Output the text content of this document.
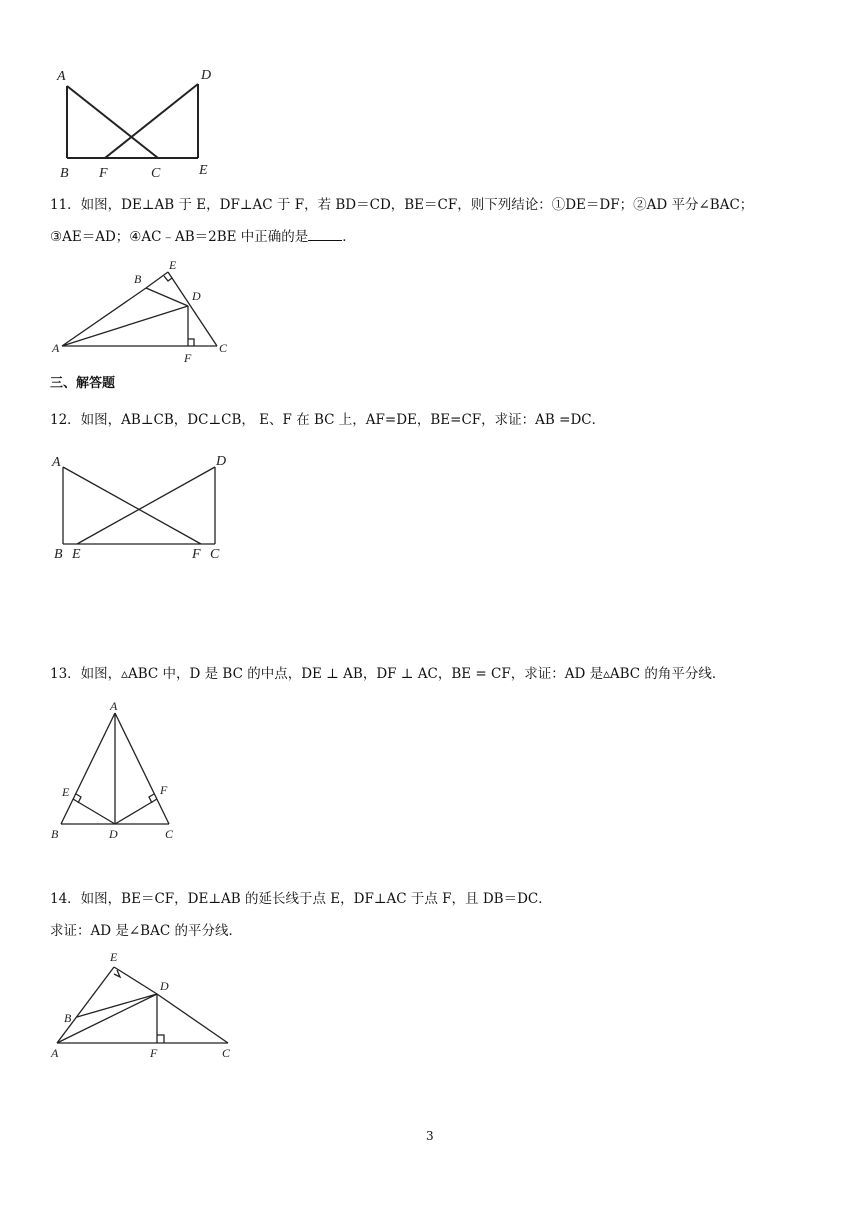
A	D
B F	C	E
11．如图，DE⊥AB 于 E，DF⊥AC 于 F，若 BD＝CD，BE＝CF，则下列结论：①DE＝DF；②AD 平分∠BAC；
③AE＝AD；④AC﹣AB＝2BE 中正确的是	．
B
E
D
A
F
C
三、解答题
12．如图，AB⊥CB，DC⊥CB， E、F 在 BC 上，AF=DE，BE=CF，求证：AB =DC．
A	D
B E	F C
13．如图，▵ABC 中，D 是 BC 的中点，DE ⊥ AB，DF ⊥ AC，BE = CF，求证：AD 是▵ABC 的角平分线．
A
E	F
B	D	C
14．如图，BE＝CF，DE⊥AB 的延长线于点 E，DF⊥AC 于点 F，且 DB＝DC．
求证：AD 是∠BAC 的平分线．
E
D
B
A	F	C
3
